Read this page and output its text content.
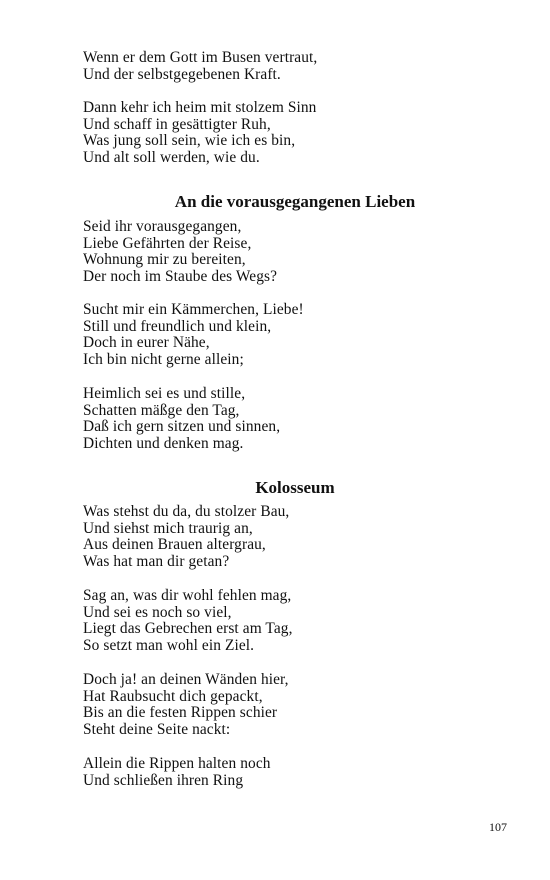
Wenn er dem Gott im Busen vertraut,
Und der selbstgegebenen Kraft.
Dann kehr ich heim mit stolzem Sinn
Und schaff in gesättigter Ruh,
Was jung soll sein, wie ich es bin,
Und alt soll werden, wie du.
An die vorausgegangenen Lieben
Seid ihr vorausgegangen,
Liebe Gefährten der Reise,
Wohnung mir zu bereiten,
Der noch im Staube des Wegs?
Sucht mir ein Kämmerchen, Liebe!
Still und freundlich und klein,
Doch in eurer Nähe,
Ich bin nicht gerne allein;
Heimlich sei es und stille,
Schatten mäßge den Tag,
Daß ich gern sitzen und sinnen,
Dichten und denken mag.
Kolosseum
Was stehst du da, du stolzer Bau,
Und siehst mich traurig an,
Aus deinen Brauen altergrau,
Was hat man dir getan?
Sag an, was dir wohl fehlen mag,
Und sei es noch so viel,
Liegt das Gebrechen erst am Tag,
So setzt man wohl ein Ziel.
Doch ja! an deinen Wänden hier,
Hat Raubsucht dich gepackt,
Bis an die festen Rippen schier
Steht deine Seite nackt:
Allein die Rippen halten noch
Und schließen ihren Ring
107
